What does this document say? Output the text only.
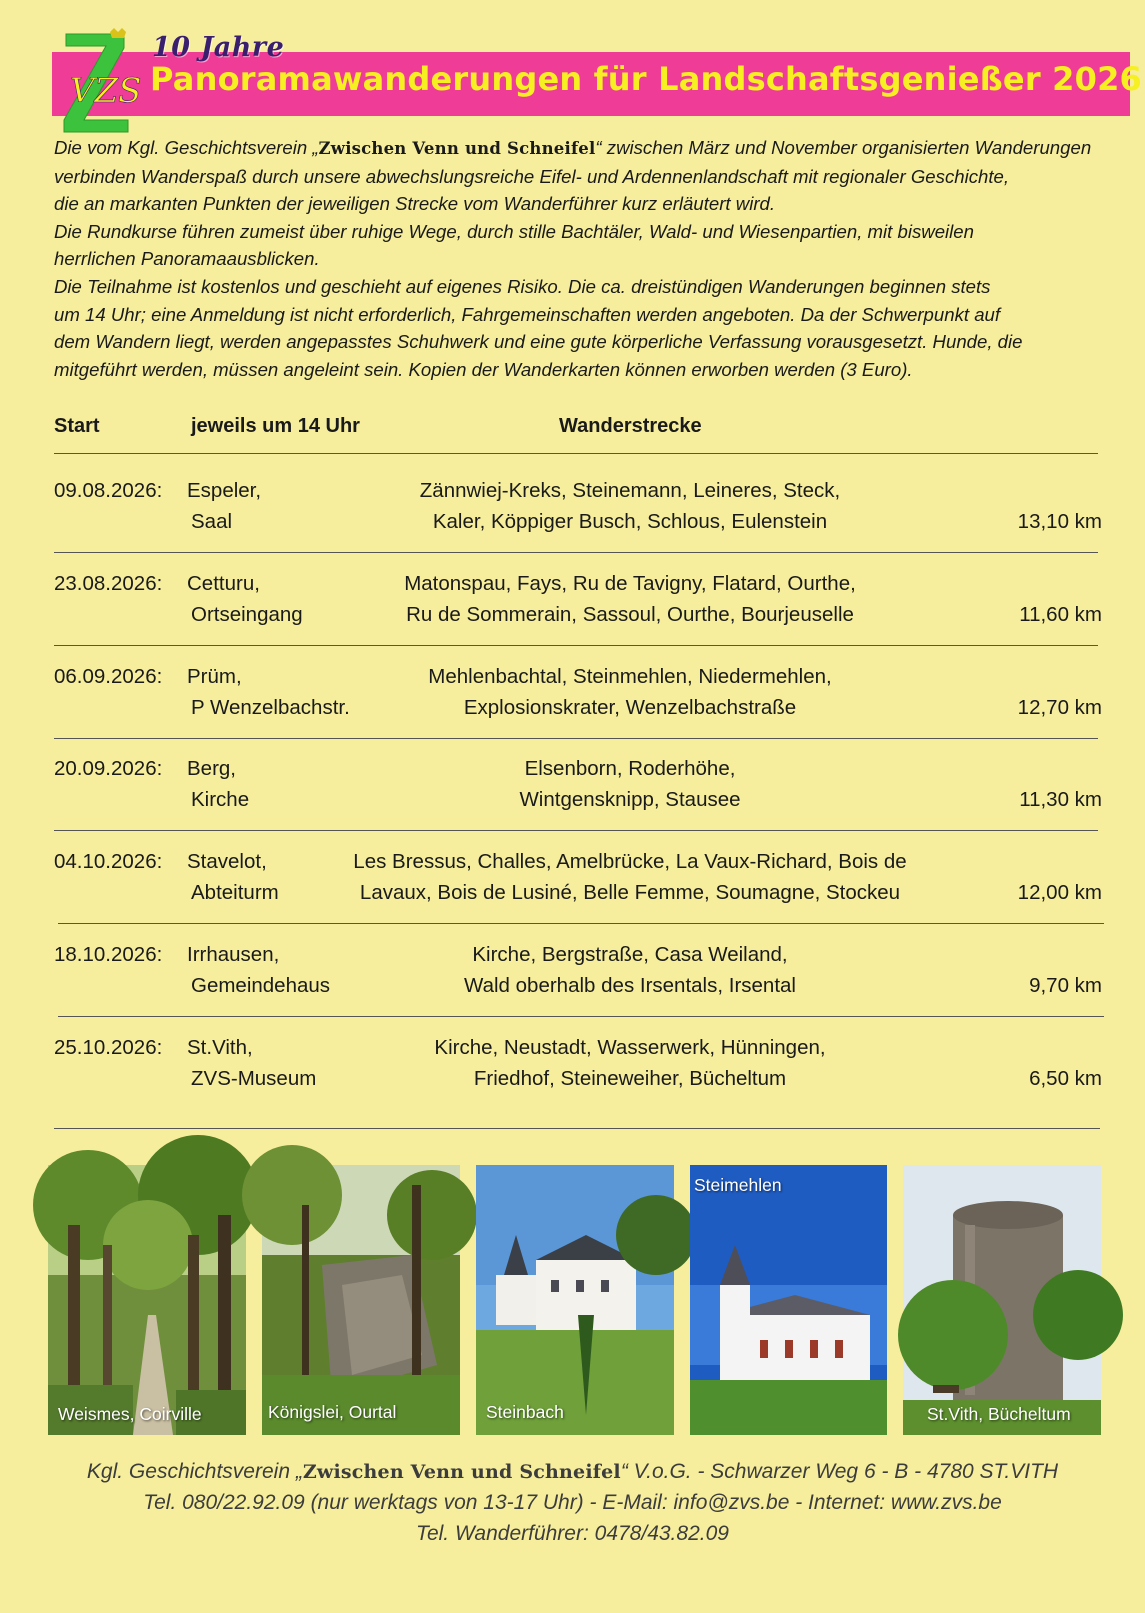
VZS
10 Jahre
Panoramawanderungen für Landschaftsgenießer 2026

Die vom Kgl. Geschichtsverein „Zwischen Venn und Schneifel“ zwischen März und November organisierten Wanderungen
verbinden Wanderspaß durch unsere abwechslungsreiche Eifel- und Ardennenlandschaft mit regionaler Geschichte,
die an markanten Punkten der jeweiligen Strecke vom Wanderführer kurz erläutert wird.

Die Rundkurse führen zumeist über ruhige Wege, durch stille Bachtäler, Wald- und Wiesenpartien, mit bisweilen
herrlichen Panoramaausblicken.

Die Teilnahme ist kostenlos und geschieht auf eigenes Risiko. Die ca. dreistündigen Wanderungen beginnen stets
um 14 Uhr; eine Anmeldung ist nicht erforderlich, Fahrgemeinschaften werden angeboten. Da der Schwerpunkt auf
dem Wandern liegt, werden angepasstes Schuhwerk und eine gute körperliche Verfassung vorausgesetzt. Hunde, die
mitgeführt werden, müssen angeleint sein. Kopien der Wanderkarten können erworben werden (3 Euro).

Start	jeweils um 14 Uhr	Wanderstrecke
09.08.2026: Espeler,
Saal
Zännwiej-Kreks, Steinemann, Leineres, Steck,
Kaler, Köppiger Busch, Schlous, Eulenstein	13,10 km
23.08.2026: Cetturu,
Ortseingang
Matonspau, Fays, Ru de Tavigny, Flatard, Ourthe,
Ru de Sommerain, Sassoul, Ourthe, Bourjeuselle	11,60 km
06.09.2026: Prüm,
P Wenzelbachstr.
Mehlenbachtal, Steinmehlen, Niedermehlen,
Explosionskrater, Wenzelbachstraße	12,70 km
20.09.2026: Berg,
Kirche
Elsenborn, Roderhöhe,
Wintgensknipp, Stausee	11,30 km
04.10.2026: Stavelot,
Abteiturm
Les Bressus, Challes, Amelbrücke, La Vaux-Richard, Bois de
Lavaux, Bois de Lusiné, Belle Femme, Soumagne, Stockeu	12,00 km
18.10.2026: Irrhausen,
Gemeindehaus
Kirche, Bergstraße, Casa Weiland,
Wald oberhalb des Irsentals, Irsental	9,70 km
25.10.2026: St.Vith,
ZVS-Museum
Kirche, Neustadt, Wasserwerk, Hünningen,
Friedhof, Steineweiher, Bücheltum	6,50 km
Weismes, Coirville	Königslei, Ourtal	Steinbach
Steimehlen
St.Vith, Bücheltum
Kgl. Geschichtsverein „Zwischen Venn und Schneifel“ V.o.G. - Schwarzer Weg 6 - B - 4780 ST.VITH
Tel. 080/22.92.09 (nur werktags von 13-17 Uhr) - E-Mail: info@zvs.be - Internet: www.zvs.be
Tel. Wanderführer: 0478/43.82.09
